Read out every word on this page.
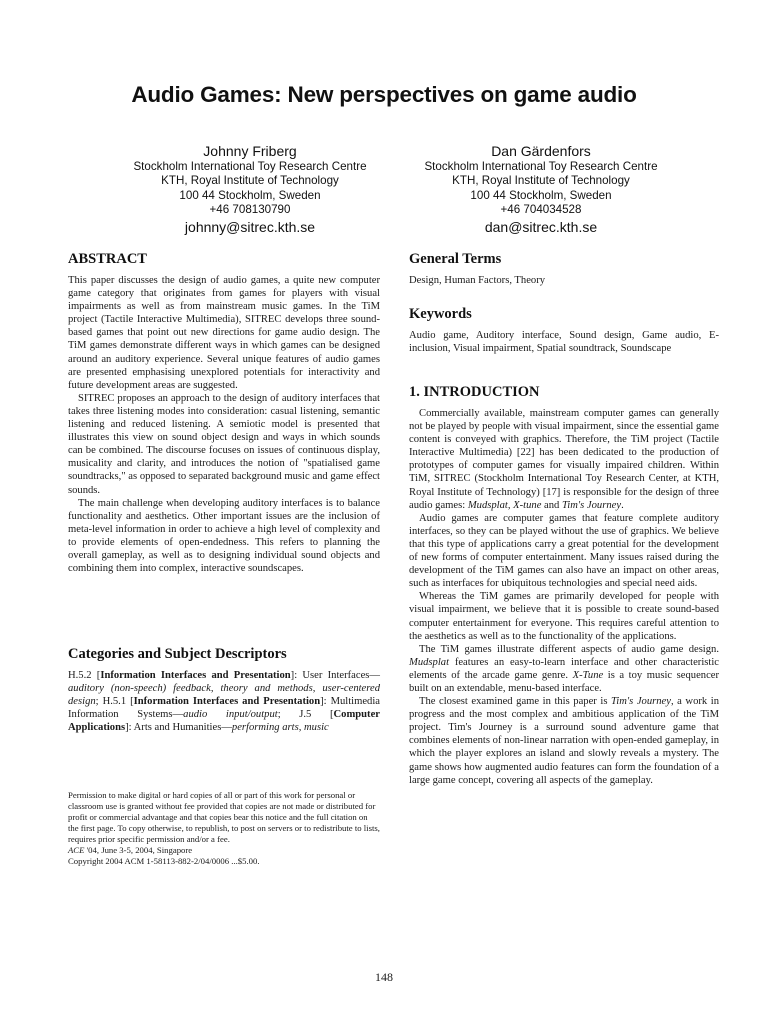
Audio Games: New perspectives on game audio
Johnny Friberg
Stockholm International Toy Research Centre
KTH, Royal Institute of Technology
100 44 Stockholm, Sweden
+46 708130790
johnny@sitrec.kth.se
Dan Gärdenfors
Stockholm International Toy Research Centre
KTH, Royal Institute of Technology
100 44 Stockholm, Sweden
+46 704034528
dan@sitrec.kth.se
ABSTRACT

This paper discusses the design of audio games, a quite new computer game category that originates from games for players with visual impairments as well as from mainstream music games. In the TiM project (Tactile Interactive Multimedia), SITREC develops three sound-based games that point out new directions for game audio design. The TiM games demonstrate different ways in which games can be designed around an auditory experience. Several unique features of audio games are presented emphasising unexplored potentials for interactivity and future development areas are suggested.

SITREC proposes an approach to the design of auditory interfaces that takes three listening modes into consideration: casual listening, semantic listening and reduced listening. A semiotic model is presented that illustrates this view on sound object design and ways in which sounds can be combined. The discourse focuses on issues of continuous display, musicality and clarity, and introduces the notion of "spatialised game soundtracks," as opposed to separated background music and game effect sounds.

The main challenge when developing auditory interfaces is to balance functionality and aesthetics. Other important issues are the inclusion of meta-level information in order to achieve a high level of complexity and to provide elements of open-endedness. This refers to planning the overall gameplay, as well as to designing individual sound objects and combining them into complex, interactive soundscapes.

Categories and Subject Descriptors

H.5.2 [Information Interfaces and Presentation]: User Interfaces—auditory (non-speech) feedback, theory and methods, user-centered design; H.5.1 [Information Interfaces and Presentation]: Multimedia Information Systems—audio input/output; J.5 [Computer Applications]: Arts and Humanities—performing arts, music

Permission to make digital or hard copies of all or part of this work for personal or classroom use is granted without fee provided that copies are not made or distributed for profit or commercial advantage and that copies bear this notice and the full citation on the first page. To copy otherwise, to republish, to post on servers or to redistribute to lists, requires prior specific permission and/or a fee.

ACE '04, June 3-5, 2004, Singapore

Copyright 2004 ACM 1-58113-882-2/04/0006 ...$5.00.

General Terms

Design, Human Factors, Theory

Keywords

Audio game, Auditory interface, Sound design, Game audio, E-inclusion, Visual impairment, Spatial soundtrack, Soundscape

1. INTRODUCTION

Commercially available, mainstream computer games can generally not be played by people with visual impairment, since the essential game content is conveyed with graphics. Therefore, the TiM project (Tactile Interactive Multimedia) [22] has been dedicated to the production of prototypes of computer games for visually impaired children. Within TiM, SITREC (Stockholm International Toy Research Center, at KTH, Royal Institute of Technology) [17] is responsible for the design of three audio games: Mudsplat, X-tune and Tim's Journey.

Audio games are computer games that feature complete auditory interfaces, so they can be played without the use of graphics. We believe that this type of applications carry a great potential for the development of new forms of computer entertainment. Many issues raised during the development of the TiM games can also have an impact on other areas, such as interfaces for ubiquitous technologies and special need aids.

Whereas the TiM games are primarily developed for people with visual impairment, we believe that it is possible to create sound-based computer entertainment for everyone. This requires careful attention to the aesthetics as well as to the functionality of the applications.

The TiM games illustrate different aspects of audio game design. Mudsplat features an easy-to-learn interface and other characteristic elements of the arcade game genre. X-Tune is a toy music sequencer built on an extendable, menu-based interface.

The closest examined game in this paper is Tim's Journey, a work in progress and the most complex and ambitious application of the TiM project. Tim's Journey is a surround sound adventure game that combines elements of non-linear narration with open-ended gameplay, in which the player explores an island and slowly reveals a mystery. The game shows how augmented audio features can form the foundation of a large game concept, covering all aspects of the gameplay.

148
